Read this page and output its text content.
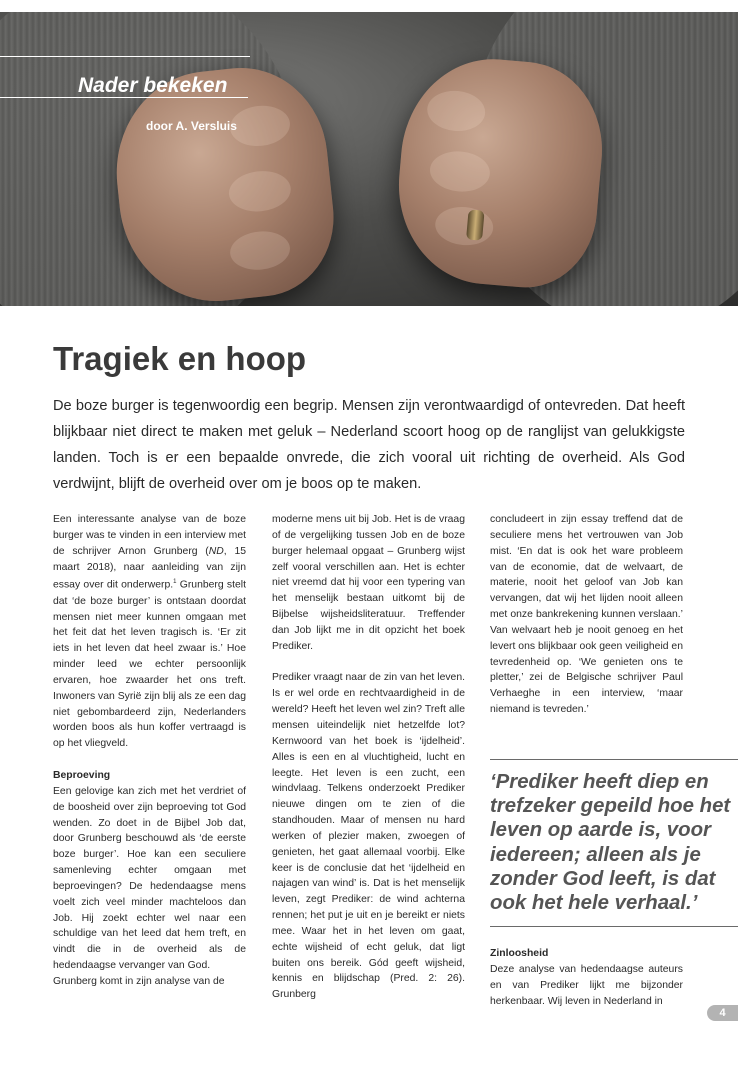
Nader bekeken
door A. Versluis
Tragiek en hoop

De boze burger is tegenwoordig een begrip. Mensen zijn verontwaardigd of ontevreden. Dat heeft blijkbaar niet direct te maken met geluk – Nederland scoort hoog op de ranglijst van gelukkigste landen. Toch is er een bepaalde onvrede, die zich vooral uit richting de overheid. Als God verdwijnt, blijft de overheid over om je boos op te maken.

Een interessante analyse van de boze burger was te vinden in een interview met de schrijver Arnon Grunberg (ND, 15 maart 2018), naar aanleiding van zijn essay over dit onderwerp.$^1$ Grunberg stelt dat ‘de boze burger’ is ontstaan doordat mensen niet meer kunnen omgaan met het feit dat het leven tragisch is. ‘Er zit iets in het leven dat heel zwaar is.’ Hoe minder leed we echter persoonlijk ervaren, hoe zwaarder het ons treft. Inwoners van Syrië zijn blij als ze een dag niet gebombardeerd zijn, Nederlanders worden boos als hun koffer vertraagd is op het vliegveld.

Beproeving

Een gelovige kan zich met het verdriet of de boosheid over zijn beproeving tot God wenden. Zo doet in de Bijbel Job dat, door Grunberg beschouwd als ‘de eerste boze burger’. Hoe kan een seculiere samenleving echter omgaan met beproevingen? De hedendaagse mens voelt zich veel minder machteloos dan Job. Hij zoekt echter wel naar een schuldige van het leed dat hem treft, en vindt die in de overheid als de hedendaagse vervanger van God.

Grunberg komt in zijn analyse van de

moderne mens uit bij Job. Het is de vraag of de vergelijking tussen Job en de boze burger helemaal opgaat – Grunberg wijst zelf vooral verschillen aan. Het is echter niet vreemd dat hij voor een typering van het menselijk bestaan uitkomt bij de Bijbelse wijsheidsliteratuur. Treffender dan Job lijkt me in dit opzicht het boek Prediker.

Prediker vraagt naar de zin van het leven. Is er wel orde en rechtvaardigheid in de wereld? Heeft het leven wel zin? Treft alle mensen uiteindelijk niet hetzelfde lot? Kernwoord van het boek is ‘ijdelheid’. Alles is een en al vluchtigheid, lucht en leegte. Het leven is een zucht, een windvlaag. Telkens onderzoekt Prediker nieuwe dingen om te zien of die standhouden. Maar of mensen nu hard werken of plezier maken, zwoegen of genieten, het gaat allemaal voorbij. Elke keer is de conclusie dat het ‘ijdelheid en najagen van wind’ is. Dat is het menselijk leven, zegt Prediker: de wind achterna rennen; het put je uit en je bereikt er niets mee. Waar het in het leven om gaat, echte wijsheid of echt geluk, dat ligt buiten ons bereik. Gód geeft wijsheid, kennis en blijdschap (Pred. 2: 26). Grunberg

concludeert in zijn essay treffend dat de seculiere mens het vertrouwen van Job mist. ‘En dat is ook het ware probleem van de economie, dat de welvaart, de materie, nooit het geloof van Job kan vervangen, dat wij het lijden nooit alleen met onze bankrekening kunnen verslaan.’ Van welvaart heb je nooit genoeg en het levert ons blijkbaar ook geen veiligheid en tevredenheid op. ‘We genieten ons te pletter,’ zei de Belgische schrijver Paul Verhaeghe in een interview, ‘maar niemand is tevreden.’

‘Prediker heeft diep en trefzeker gepeild hoe het leven op aarde is, voor iedereen; alleen als je zonder God leeft, is dat ook het hele verhaal.’

Zinloosheid

Deze analyse van hedendaagse auteurs en van Prediker lijkt me bijzonder herkenbaar. Wij leven in Nederland in

4
